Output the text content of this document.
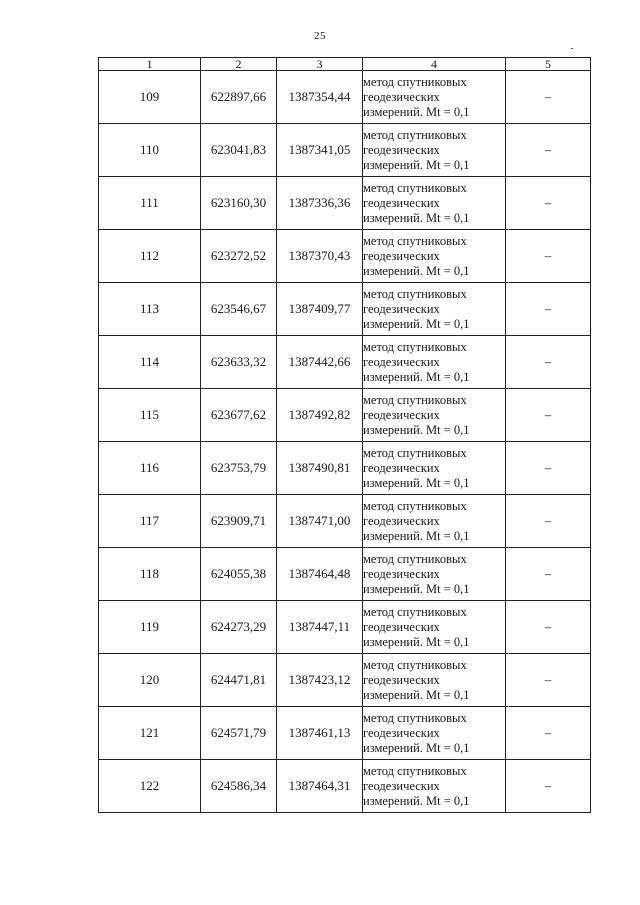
25
1	2	3	4	5
109	622897,66	1387354,44	метод спутниковых
геодезических
измерений. Mt = 0,1	–
110	623041,83	1387341,05	метод спутниковых
геодезических
измерений. Mt = 0,1	–
111	623160,30	1387336,36	метод спутниковых
геодезических
измерений. Mt = 0,1	–
112	623272,52	1387370,43	метод спутниковых
геодезических
измерений. Mt = 0,1	–
113	623546,67	1387409,77	метод спутниковых
геодезических
измерений. Mt = 0,1	–
114	623633,32	1387442,66	метод спутниковых
геодезических
измерений. Mt = 0,1	–
115	623677,62	1387492,82	метод спутниковых
геодезических
измерений. Mt = 0,1	–
116	623753,79	1387490,81	метод спутниковых
геодезических
измерений. Mt = 0,1	–
117	623909,71	1387471,00	метод спутниковых
геодезических
измерений. Mt = 0,1	–
118	624055,38	1387464,48	метод спутниковых
геодезических
измерений. Mt = 0,1	–
119	624273,29	1387447,11	метод спутниковых
геодезических
измерений. Mt = 0,1	–
120	624471,81	1387423,12	метод спутниковых
геодезических
измерений. Mt = 0,1	–
121	624571,79	1387461,13	метод спутниковых
геодезических
измерений. Mt = 0,1	–
122	624586,34	1387464,31	метод спутниковых
геодезических
измерений. Mt = 0,1	–
